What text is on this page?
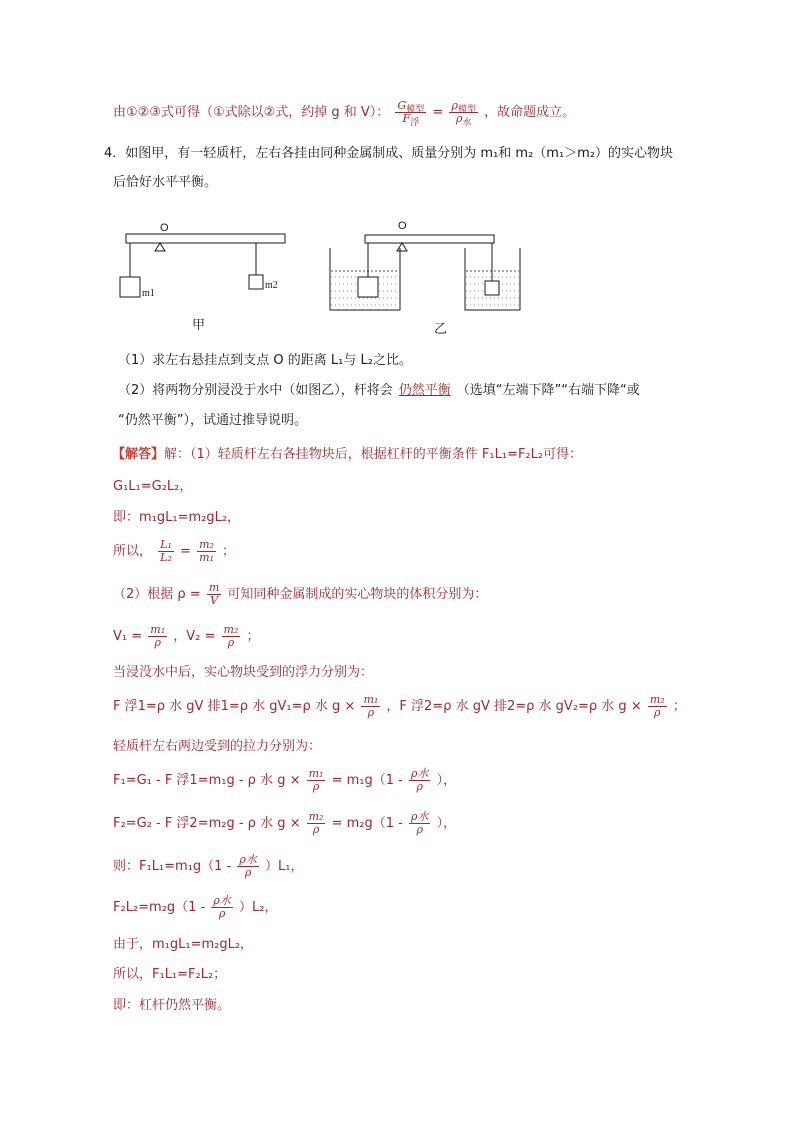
由①②③式可得（①式除以②式，约掉 g 和 V）： $\frac{G_{模型}}{F_浮} = \frac{\rho_{模型}}{\rho_水}$ ，故命题成立。
4．如图甲，有一轻质杆，左右各挂由同种金属制成、质量分别为 m₁和 m₂（m₁＞m₂）的实心物块
后恰好水平平衡。
O
m1
m2
甲
O
乙
（1）求左右悬挂点到支点 O 的距离 L₁与 L₂之比。
（2）将两物分别浸没于水中（如图乙），杆将会 仍然平衡 （选填“左端下降”“右端下降“或
“仍然平衡”），试通过推导说明。
【解答】解：（1）轻质杆左右各挂物块后，根据杠杆的平衡条件 F₁L₁=F₂L₂可得：
G₁L₁=G₂L₂，
即：m₁gL₁=m₂gL₂，
所以， $\frac{\text{L₁}}{\text{L₂}} = \frac{\text{m₂}}{\text{m₁}}$ ；
（2）根据 $\rho = \frac{m}{V}$ 可知同种金属制成的实心物块的体积分别为：
$V_1 = \frac{\text{m₁}}{\rho}$ ，$V_2 = \frac{\text{m₂}}{\rho}$ ；
当浸没水中后，实心物块受到的浮力分别为：
F 浮1=ρ 水 gV 排1=ρ 水 gV₁=ρ 水 $g \times \frac{\text{m₁}}{\rho}$ ，F 浮2=ρ 水 gV 排2=ρ 水 gV₂=ρ 水 $g \times \frac{\text{m₂}}{\rho}$ ；
轻质杆左右两边受到的拉力分别为：
F₁=G₁ - F 浮1=m₁g - ρ 水 $g \times \frac{\text{m₁}}{\rho} = m_1g(1 - \frac{\text{ρ水}}{\rho}$ ），
F₂=G₂ - F 浮2=m₂g - ρ 水 $g \times \frac{\text{m₂}}{\rho} = m_2g(1 - \frac{\text{ρ水}}{\rho}$ ），
则：$F_1L_1=m_1g(1 - \frac{\text{ρ水}}{\rho} )L_1$，
$F_2L_2=m_2g(1 - \frac{\text{ρ水}}{\rho} )L_2$，
由于，m₁gL₁=m₂gL₂，
所以，F₁L₁=F₂L₂；
即：杠杆仍然平衡。
